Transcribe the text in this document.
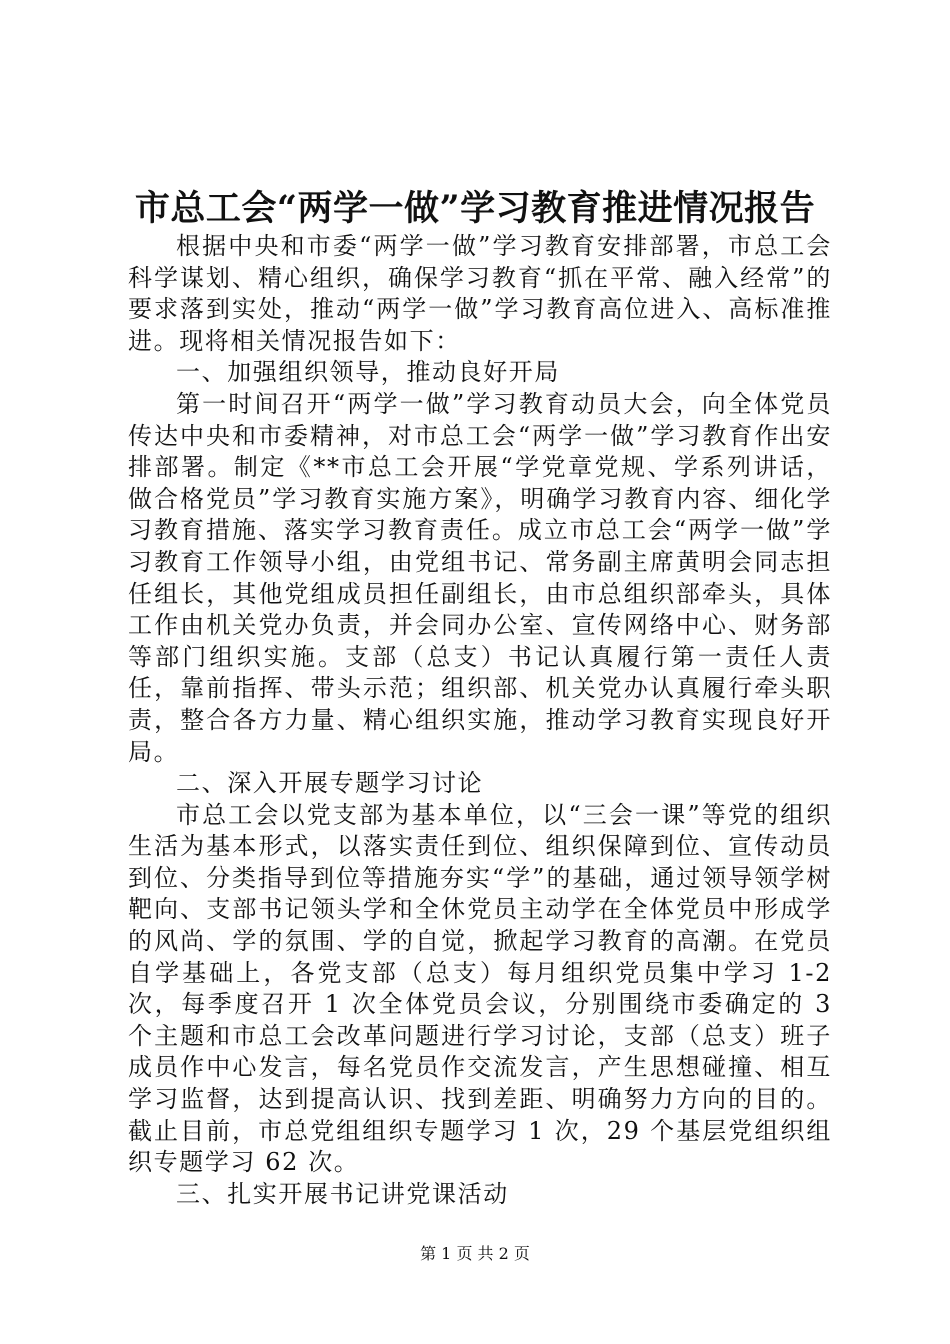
市总工会“两学一做”学习教育推进情况报告

根据中央和市委“两学一做”学习教育安排部署，市总工会科学谋划、精心组织，确保学习教育“抓在平常、融入经常”的要求落到实处，推动“两学一做”学习教育高位进入、高标准推进。现将相关情况报告如下：

一、加强组织领导，推动良好开局

第一时间召开“两学一做”学习教育动员大会，向全体党员传达中央和市委精神，对市总工会“两学一做”学习教育作出安排部署。制定《**市总工会开展“学党章党规、学系列讲话，做合格党员”学习教育实施方案》，明确学习教育内容、细化学习教育措施、落实学习教育责任。成立市总工会“两学一做”学习教育工作领导小组，由党组书记、常务副主席黄明会同志担任组长，其他党组成员担任副组长，由市总组织部牵头，具体工作由机关党办负责，并会同办公室、宣传网络中心、财务部等部门组织实施。支部（总支）书记认真履行第一责任人责任，靠前指挥、带头示范；组织部、机关党办认真履行牵头职责，整合各方力量、精心组织实施，推动学习教育实现良好开局。

二、深入开展专题学习讨论

市总工会以党支部为基本单位，以“三会一课”等党的组织生活为基本形式，以落实责任到位、组织保障到位、宣传动员到位、分类指导到位等措施夯实“学”的基础，通过领导领学树靶向、支部书记领头学和全休党员主动学在全体党员中形成学的风尚、学的氛围、学的自觉，掀起学习教育的高潮。在党员自学基础上，各党支部（总支）每月组织党员集中学习 1-2 次，每季度召开 1 次全体党员会议，分别围绕市委确定的 3 个主题和市总工会改革问题进行学习讨论，支部（总支）班子成员作中心发言，每名党员作交流发言，产生思想碰撞、相互学习监督，达到提高认识、找到差距、明确努力方向的目的。截止目前，市总党组组织专题学习 1 次，29 个基层党组织组织专题学习 62 次。

三、扎实开展书记讲党课活动

第 1 页 共 2 页
